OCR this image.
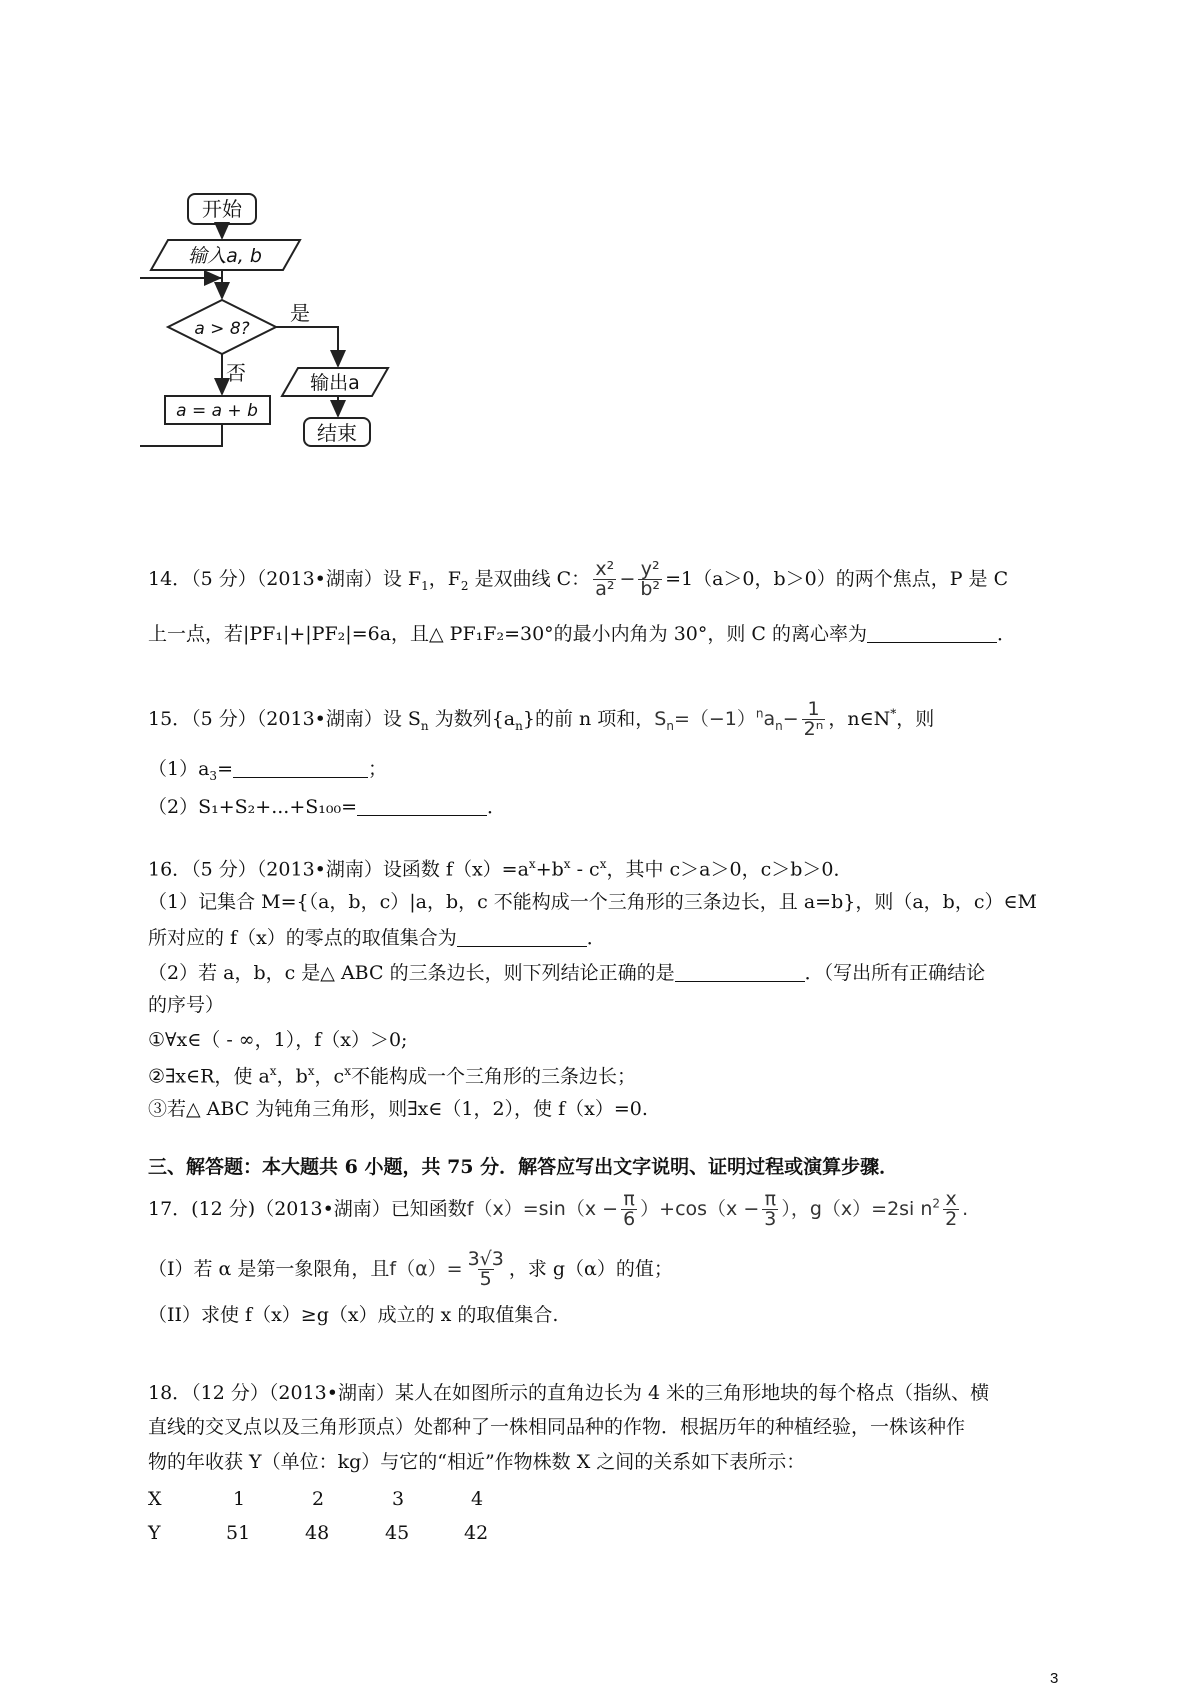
开始
输入a, b
a > 8?
是
否
a = a + b
输出a
结束
14．（5 分）（2013•湖南）设 $F_1$，$F_2$ 是双曲线 C： $\frac{\text{x²}}{\text{a²}} - \frac{\text{y²}}{\text{b²}} =1(a>0$，b＞0）的两个焦点，P 是 C
上一点，若|PF₁|+|PF₂|=6a，且△ PF₁F₂=30°的最小内角为 30°，则 C 的离心率为	．
15．（5 分）（2013•湖南）设 $S_n$ 为数列$\{a_n\}$的前 n 项和，$S_n=(-1)^na_n- \frac{1}{\text{2ⁿ}}$ ，n∈N*，则
$(1)a_3=$	；
（2）S₁+S₂+...+S₁₀₀=	．
16．（5 分）（2013•湖南）设函数 $f(x)=a^x+b^x - c^x$，其中 c＞a＞0，c＞b＞0．
（1）记集合 M={（a，b，c）|a，b，c 不能构成一个三角形的三条边长，且 a=b}，则（a，b，c）∈M
所对应的 f（x）的零点的取值集合为	．
（2）若 a，b，c 是△ ABC 的三条边长，则下列结论正确的是	．（写出所有正确结论
的序号）
①∀x∈（ - ∞，1），f（x）＞0;
②∃x∈R，使 $a^x$，$b^x$，$c^x$不能构成一个三角形的三条边长；
③若△ ABC 为钝角三角形，则∃x∈（1，2），使 f（x）=0.
三、解答题：本大题共 6 小题，共 75 分．解答应写出文字说明、证明过程或演算步骤．
17．(12 分)（2013•湖南）已知函数$f(x)=\sin(x - \frac{\pi}{6} )+\cos(x - \frac{\pi}{3}$ ），g（x）=2si $n^2 \frac{x}{2}$ .
（I）若 α 是第一象限角，且$f(\alpha)= \frac{3√3}{5}$ ，求 g（α）的值；
（II）求使 f（x）≥g（x）成立的 x 的取值集合.
18．（12 分）（2013•湖南）某人在如图所示的直角边长为 4 米的三角形地块的每个格点（指纵、横
直线的交叉点以及三角形顶点）处都种了一株相同品种的作物．根据历年的种植经验，一株该种作
物的年收获 Y（单位：kg）与它的“相近”作物株数 X 之间的关系如下表所示：
X	1	2	3	4
Y	51	48	45	42
3
